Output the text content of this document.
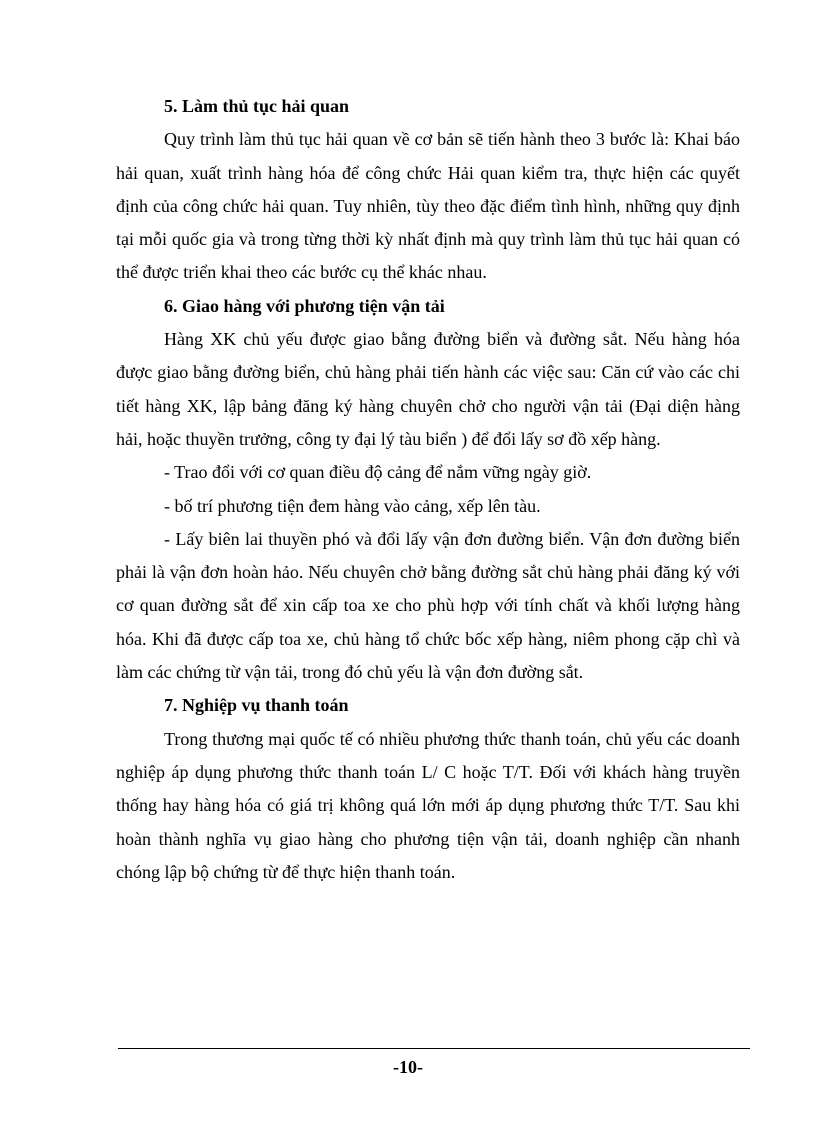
5. Làm thủ tục hải quan

Quy trình làm thủ tục hải quan về cơ bản sẽ tiến hành theo 3 bước là: Khai báo hải quan, xuất trình hàng hóa để công chức Hải quan kiểm tra, thực hiện các quyết định của công chức hải quan. Tuy nhiên, tùy theo đặc điểm tình hình, những quy định tại mỗi quốc gia và trong từng thời kỳ nhất định mà quy trình làm thủ tục hải quan có thể được triển khai theo các bước cụ thể khác nhau.

6. Giao hàng với phương tiện vận tải

Hàng XK chủ yếu được giao bằng đường biển và đường sắt. Nếu hàng hóa được giao bằng đường biển, chủ hàng phải tiến hành các việc sau: Căn cứ vào các chi tiết hàng XK, lập bảng đăng ký hàng chuyên chở cho người vận tải (Đại diện hàng hải, hoặc thuyền trưởng, công ty đại lý tàu biển ) để đổi lấy sơ đồ xếp hàng.

- Trao đổi với cơ quan điều độ cảng để nắm vững ngày giờ.

- bố trí phương tiện đem hàng vào cảng, xếp lên tàu.

- Lấy biên lai thuyền phó và đổi lấy vận đơn đường biển. Vận đơn đường biển phải là vận đơn hoàn hảo. Nếu chuyên chở bằng đường sắt chủ hàng phải đăng ký với cơ quan đường sắt để xin cấp toa xe cho phù hợp với tính chất và khối lượng hàng hóa. Khi đã được cấp toa xe, chủ hàng tổ chức bốc xếp hàng, niêm phong cặp chì và làm các chứng từ vận tải, trong đó chủ yếu là vận đơn đường sắt.

7. Nghiệp vụ thanh toán

Trong thương mại quốc tế có nhiều phương thức thanh toán, chủ yếu các doanh nghiệp áp dụng phương thức thanh toán L/ C hoặc T/T. Đối với khách hàng truyền thống hay hàng hóa có giá trị không quá lớn mới áp dụng phương thức T/T. Sau khi hoàn thành nghĩa vụ giao hàng cho phương tiện vận tải, doanh nghiệp cần nhanh chóng lập bộ chứng từ để thực hiện thanh toán.

-10-
